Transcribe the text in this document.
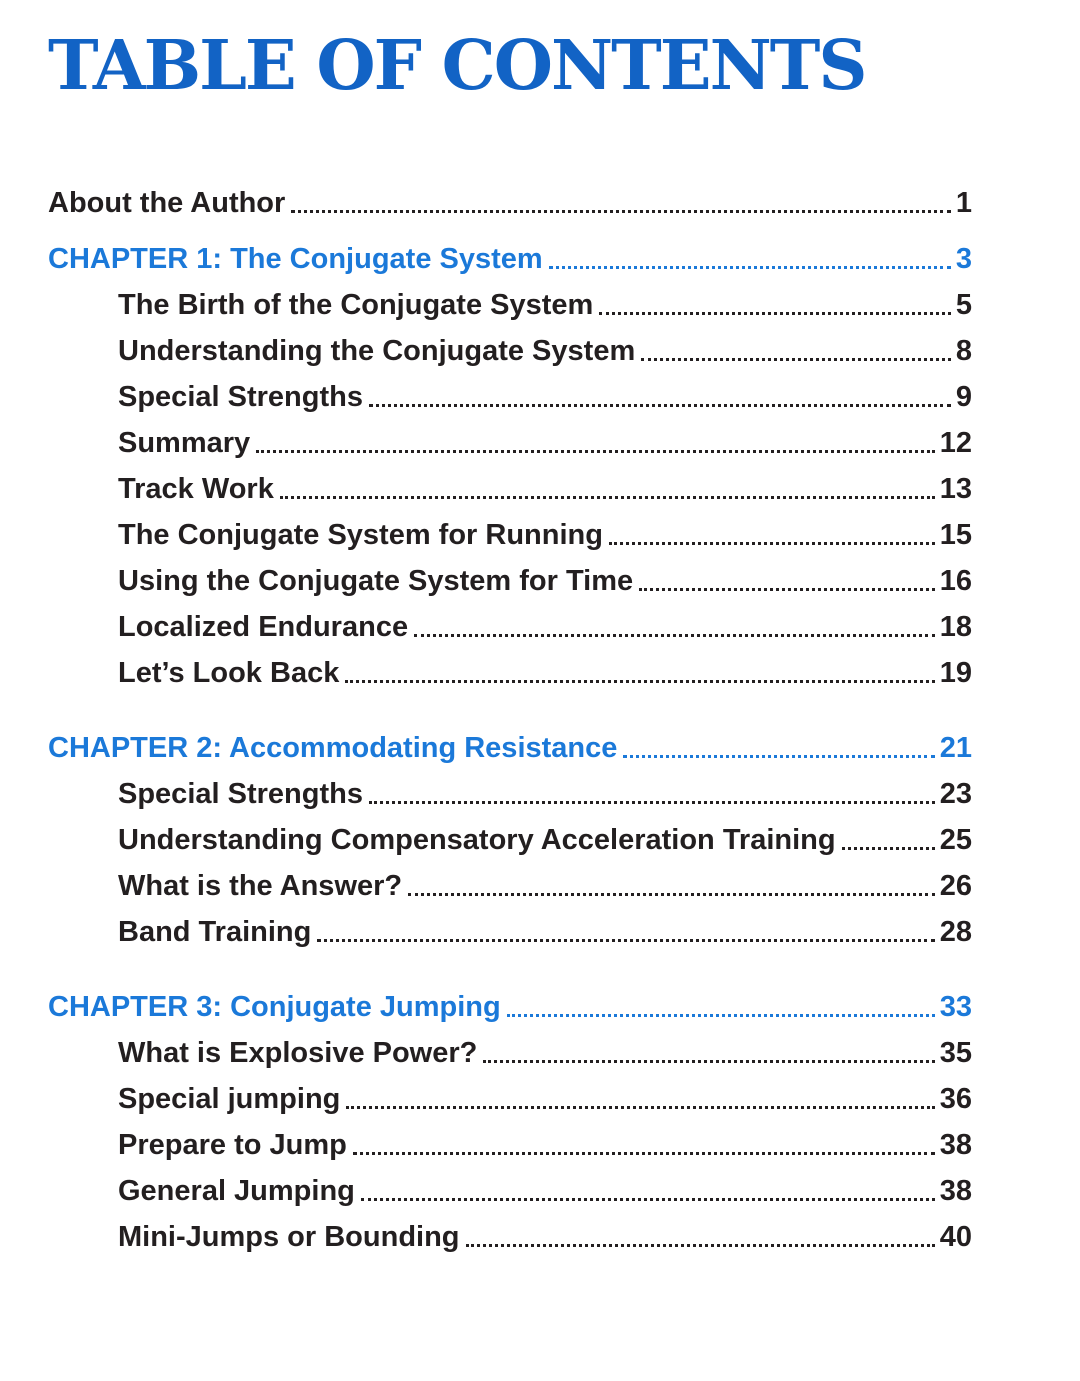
TABLE OF CONTENTS
About the Author	1
CHAPTER 1: The Conjugate System	3
The Birth of the Conjugate System	5
Understanding the Conjugate System	8
Special Strengths	9
Summary	12
Track Work	13
The Conjugate System for Running	15
Using the Conjugate System for Time	16
Localized Endurance	18
Let’s Look Back	19
CHAPTER 2: Accommodating Resistance	21
Special Strengths	23
Understanding Compensatory Acceleration Training	25
What is the Answer?	26
Band Training	28
CHAPTER 3: Conjugate Jumping	33
What is Explosive Power?	35
Special jumping	36
Prepare to Jump	38
General Jumping	38
Mini-Jumps or Bounding	40
